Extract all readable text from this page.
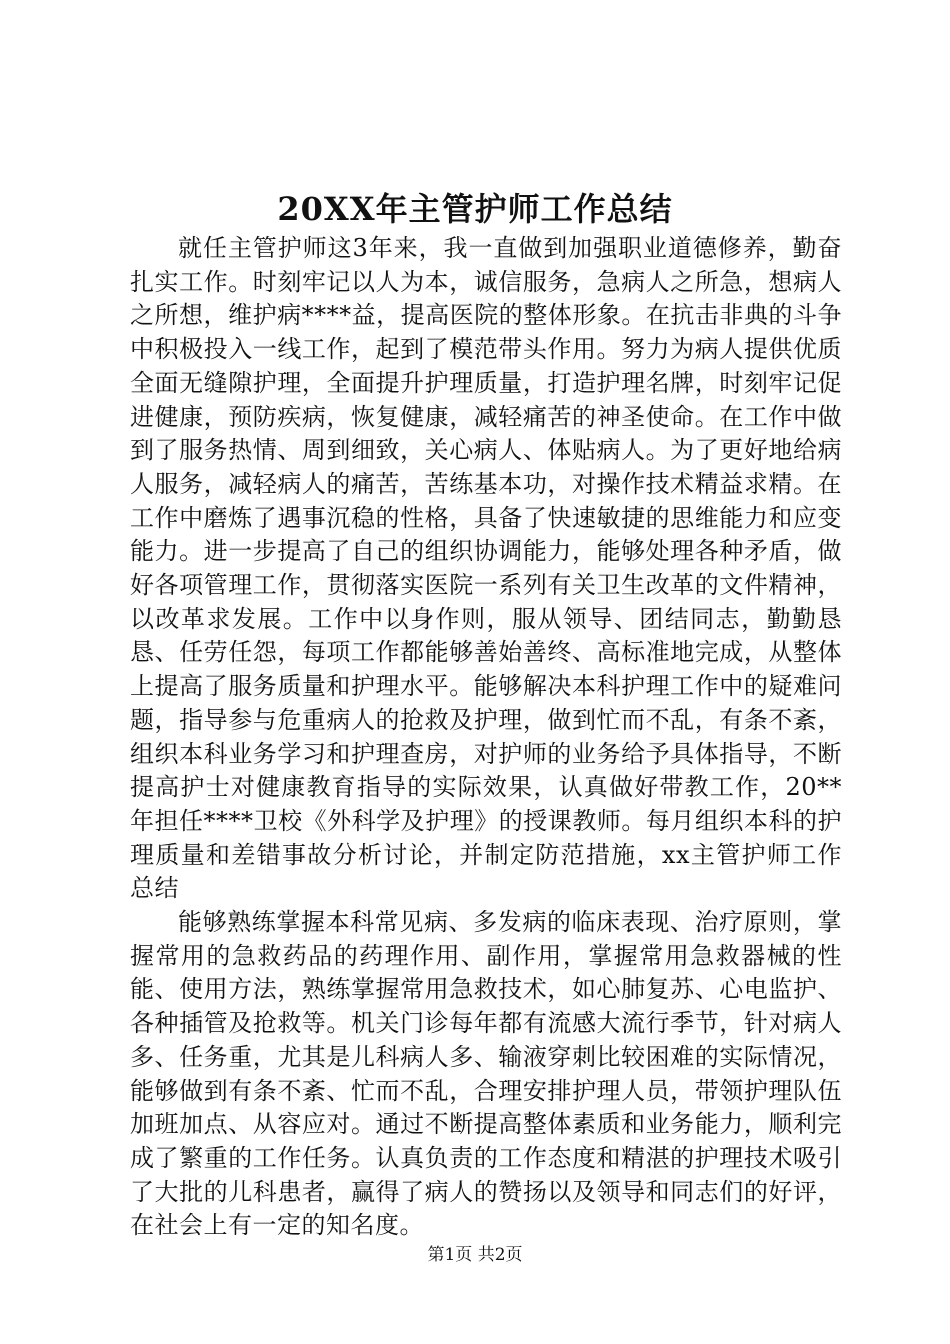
20XX年主管护师工作总结

就任主管护师这3年来，我一直做到加强职业道德修养，勤奋扎实工作。时刻牢记以人为本，诚信服务，急病人之所急，想病人之所想，维护病****益，提高医院的整体形象。在抗击非典的斗争中积极投入一线工作，起到了模范带头作用。努力为病人提供优质全面无缝隙护理，全面提升护理质量，打造护理名牌，时刻牢记促进健康，预防疾病，恢复健康，减轻痛苦的神圣使命。在工作中做到了服务热情、周到细致，关心病人、体贴病人。为了更好地给病人服务，减轻病人的痛苦，苦练基本功，对操作技术精益求精。在工作中磨炼了遇事沉稳的性格，具备了快速敏捷的思维能力和应变能力。进一步提高了自己的组织协调能力，能够处理各种矛盾，做好各项管理工作，贯彻落实医院一系列有关卫生改革的文件精神，以改革求发展。工作中以身作则，服从领导、团结同志，勤勤恳恳、任劳任怨，每项工作都能够善始善终、高标准地完成，从整体上提高了服务质量和护理水平。能够解决本科护理工作中的疑难问题，指导参与危重病人的抢救及护理，做到忙而不乱，有条不紊，组织本科业务学习和护理查房，对护师的业务给予具体指导，不断提高护士对健康教育指导的实际效果，认真做好带教工作，20**年担任****卫校《外科学及护理》的授课教师。每月组织本科的护理质量和差错事故分析讨论，并制定防范措施，xx主管护师工作总结

能够熟练掌握本科常见病、多发病的临床表现、治疗原则，掌握常用的急救药品的药理作用、副作用，掌握常用急救器械的性能、使用方法，熟练掌握常用急救技术，如心肺复苏、心电监护、各种插管及抢救等。机关门诊每年都有流感大流行季节，针对病人多、任务重，尤其是儿科病人多、输液穿刺比较困难的实际情况，能够做到有条不紊、忙而不乱，合理安排护理人员，带领护理队伍加班加点、从容应对。通过不断提高整体素质和业务能力，顺利完成了繁重的工作任务。认真负责的工作态度和精湛的护理技术吸引了大批的儿科患者，赢得了病人的赞扬以及领导和同志们的好评，在社会上有一定的知名度。

第1页 共2页
